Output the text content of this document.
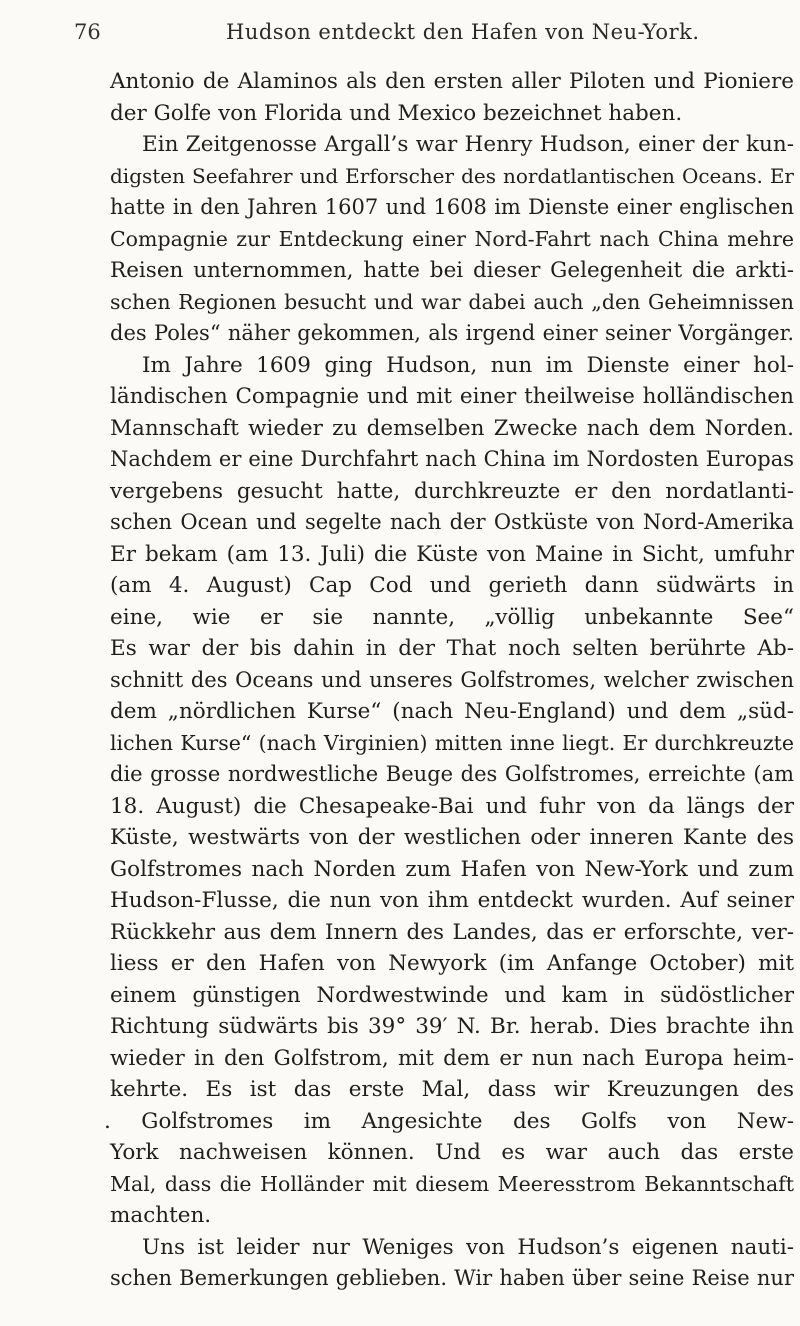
76	Hudson entdeckt den Hafen von Neu-York.
Antonio de Alaminos als den ersten aller Piloten und Pioniere
der Golfe von Florida und Mexico bezeichnet haben.
Ein Zeitgenosse Argall’s war Henry Hudson, einer der kun-
digsten Seefahrer und Erforscher des nordatlantischen Oceans. Er
hatte in den Jahren 1607 und 1608 im Dienste einer englischen
Compagnie zur Entdeckung einer Nord-Fahrt nach China mehre
Reisen unternommen, hatte bei dieser Gelegenheit die arkti-
schen Regionen besucht und war dabei auch „den Geheimnissen
des Poles“ näher gekommen, als irgend einer seiner Vorgänger.
Im Jahre 1609 ging Hudson, nun im Dienste einer hol-
ländischen Compagnie und mit einer theilweise holländischen
Mannschaft wieder zu demselben Zwecke nach dem Norden.
Nachdem er eine Durchfahrt nach China im Nordosten Europas
vergebens gesucht hatte, durchkreuzte er den nordatlanti-
schen Ocean und segelte nach der Ostküste von Nord-Amerika
Er bekam (am 13. Juli) die Küste von Maine in Sicht, umfuhr
(am 4. August) Cap Cod und gerieth dann südwärts in
eine, wie er sie nannte, „völlig unbekannte See“
Es war der bis dahin in der That noch selten berührte Ab-
schnitt des Oceans und unseres Golfstromes, welcher zwischen
dem „nördlichen Kurse“ (nach Neu-England) und dem „süd-
lichen Kurse“ (nach Virginien) mitten inne liegt. Er durchkreuzte
die grosse nordwestliche Beuge des Golfstromes, erreichte (am
18. August) die Chesapeake-Bai und fuhr von da längs der
Küste, westwärts von der westlichen oder inneren Kante des
Golfstromes nach Norden zum Hafen von New-York und zum
Hudson-Flusse, die nun von ihm entdeckt wurden. Auf seiner
Rückkehr aus dem Innern des Landes, das er erforschte, ver-
liess er den Hafen von Newyork (im Anfange October) mit
einem günstigen Nordwestwinde und kam in südöstlicher
Richtung südwärts bis 39° 39′ N. Br. herab. Dies brachte ihn
wieder in den Golfstrom, mit dem er nun nach Europa heim-
kehrte. Es ist das erste Mal, dass wir Kreuzungen des
. Golfstromes im Angesichte des Golfs von New-
York nachweisen können. Und es war auch das erste
Mal, dass die Holländer mit diesem Meeresstrom Bekanntschaft
machten.
Uns ist leider nur Weniges von Hudson’s eigenen nauti-
schen Bemerkungen geblieben. Wir haben über seine Reise nur
